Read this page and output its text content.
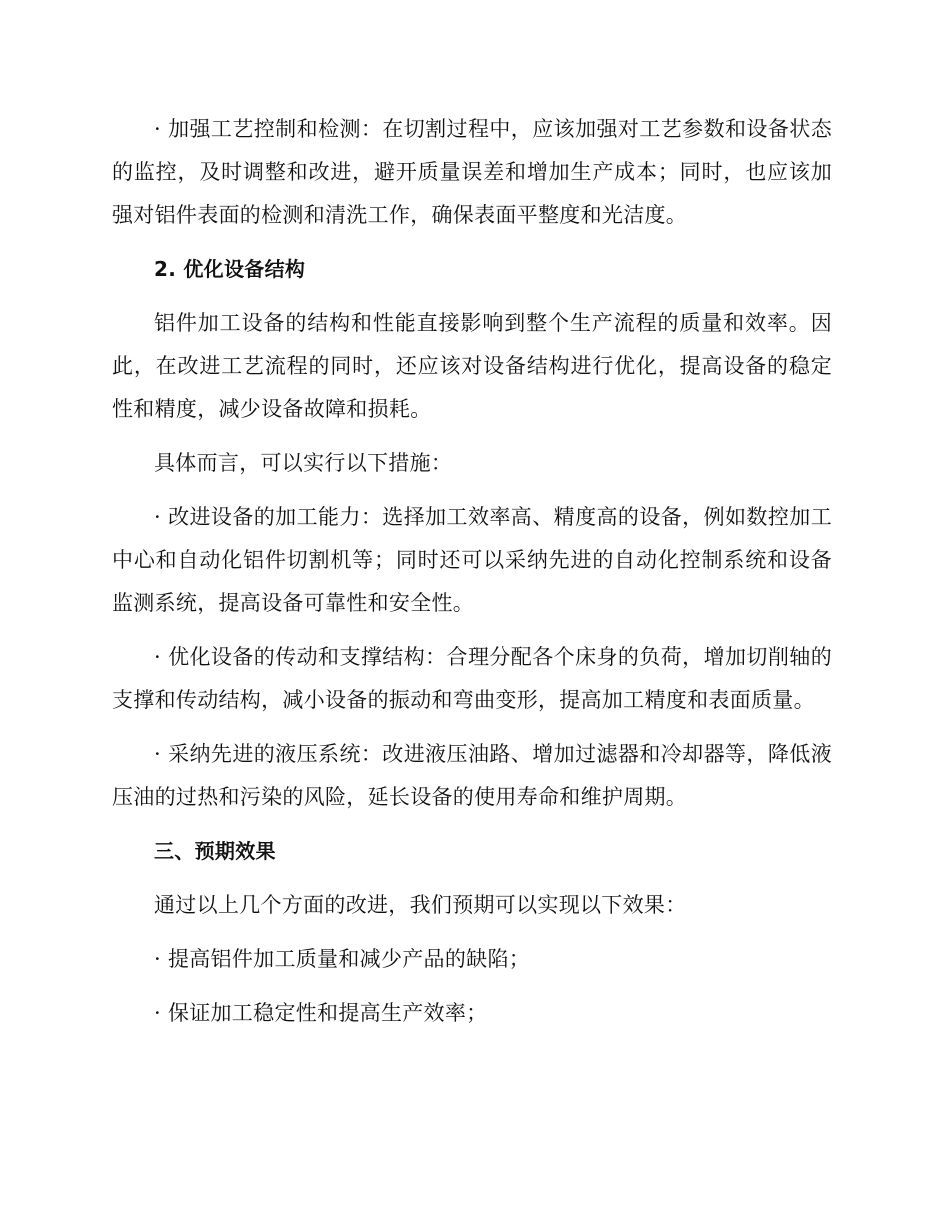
· 加强工艺控制和检测：在切割过程中，应该加强对工艺参数和设备状态的监控，及时调整和改进，避开质量误差和增加生产成本；同时，也应该加强对铝件表面的检测和清洗工作，确保表面平整度和光洁度。

2. 优化设备结构

铝件加工设备的结构和性能直接影响到整个生产流程的质量和效率。因此，在改进工艺流程的同时，还应该对设备结构进行优化，提高设备的稳定性和精度，减少设备故障和损耗。

具体而言，可以实行以下措施：

· 改进设备的加工能力：选择加工效率高、精度高的设备，例如数控加工中心和自动化铝件切割机等；同时还可以采纳先进的自动化控制系统和设备监测系统，提高设备可靠性和安全性。

· 优化设备的传动和支撑结构：合理分配各个床身的负荷，增加切削轴的支撑和传动结构，减小设备的振动和弯曲变形，提高加工精度和表面质量。

· 采纳先进的液压系统：改进液压油路、增加过滤器和冷却器等，降低液压油的过热和污染的风险，延长设备的使用寿命和维护周期。

三、预期效果

通过以上几个方面的改进，我们预期可以实现以下效果：

· 提高铝件加工质量和减少产品的缺陷；

· 保证加工稳定性和提高生产效率；
